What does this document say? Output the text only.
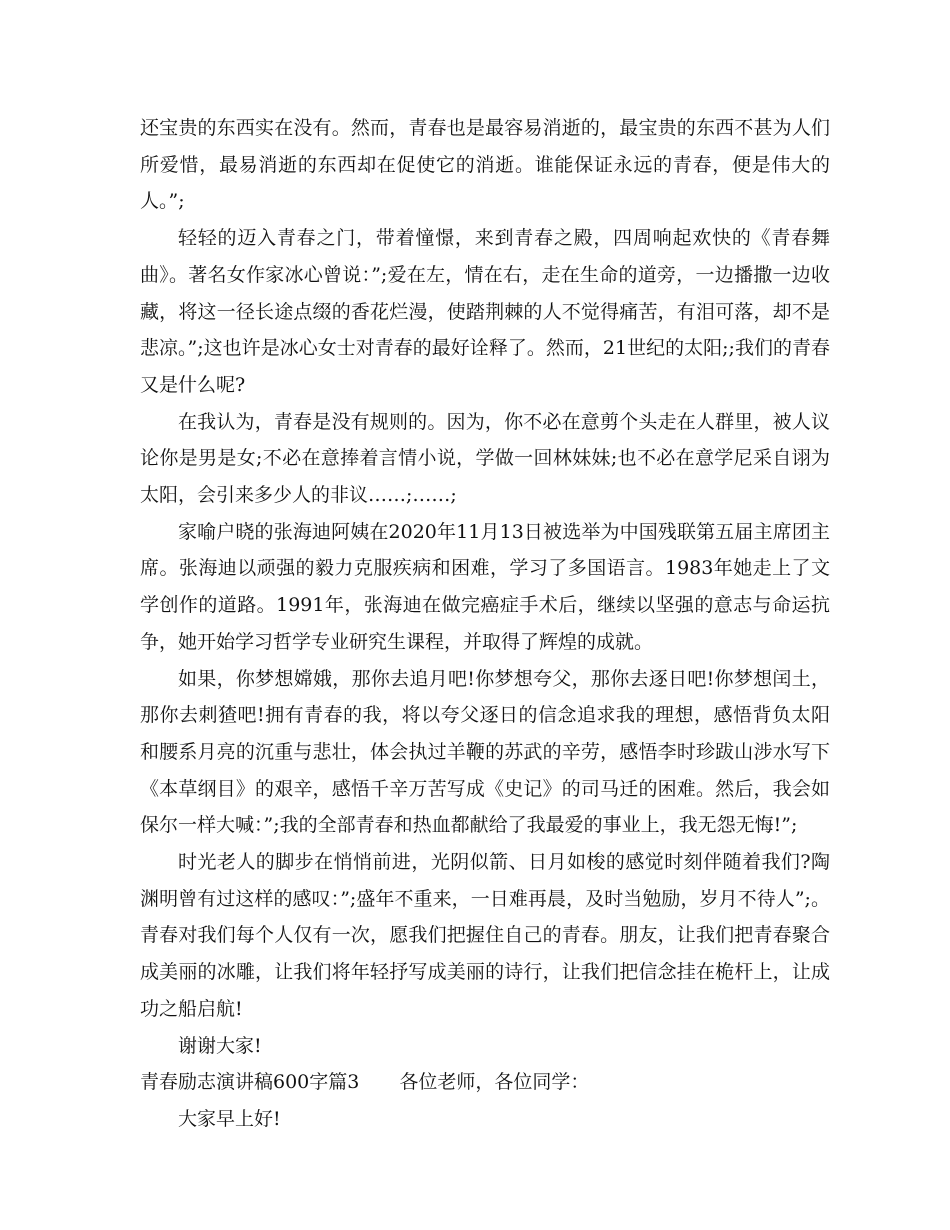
还宝贵的东西实在没有。然而，青春也是最容易消逝的，最宝贵的东西不甚为人们所爱惜，最易消逝的东西却在促使它的消逝。谁能保证永远的青春，便是伟大的人。”;

轻轻的迈入青春之门，带着憧憬，来到青春之殿，四周响起欢快的《青春舞曲》。著名女作家冰心曾说：”;爱在左，情在右，走在生命的道旁，一边播撒一边收藏，将这一径长途点缀的香花烂漫，使踏荆棘的人不觉得痛苦，有泪可落，却不是悲凉。”;这也许是冰心女士对青春的最好诠释了。然而，21世纪的太阳;;我们的青春又是什么呢?

在我认为，青春是没有规则的。因为，你不必在意剪个头走在人群里，被人议论你是男是女;不必在意捧着言情小说，学做一回林妹妹;也不必在意学尼采自诩为太阳，会引来多少人的非议……;……;

家喻户晓的张海迪阿姨在2020年11月13日被选举为中国残联第五届主席团主席。张海迪以顽强的毅力克服疾病和困难，学习了多国语言。1983年她走上了文学创作的道路。1991年，张海迪在做完癌症手术后，继续以坚强的意志与命运抗争，她开始学习哲学专业研究生课程，并取得了辉煌的成就。

如果，你梦想嫦娥，那你去追月吧!你梦想夸父，那你去逐日吧!你梦想闰土，那你去刺猹吧!拥有青春的我，将以夸父逐日的信念追求我的理想，感悟背负太阳和腰系月亮的沉重与悲壮，体会执过羊鞭的苏武的辛劳，感悟李时珍跋山涉水写下《本草纲目》的艰辛，感悟千辛万苦写成《史记》的司马迁的困难。然后，我会如保尔一样大喊：”;我的全部青春和热血都献给了我最爱的事业上，我无怨无悔!”;

时光老人的脚步在悄悄前进，光阴似箭、日月如梭的感觉时刻伴随着我们?陶渊明曾有过这样的感叹：”;盛年不重来，一日难再晨，及时当勉励，岁月不待人”;。青春对我们每个人仅有一次，愿我们把握住自己的青春。朋友，让我们把青春聚合成美丽的冰雕，让我们将年轻抒写成美丽的诗行，让我们把信念挂在桅杆上，让成功之船启航!

谢谢大家!

青春励志演讲稿600字篇3 各位老师，各位同学：

大家早上好!
